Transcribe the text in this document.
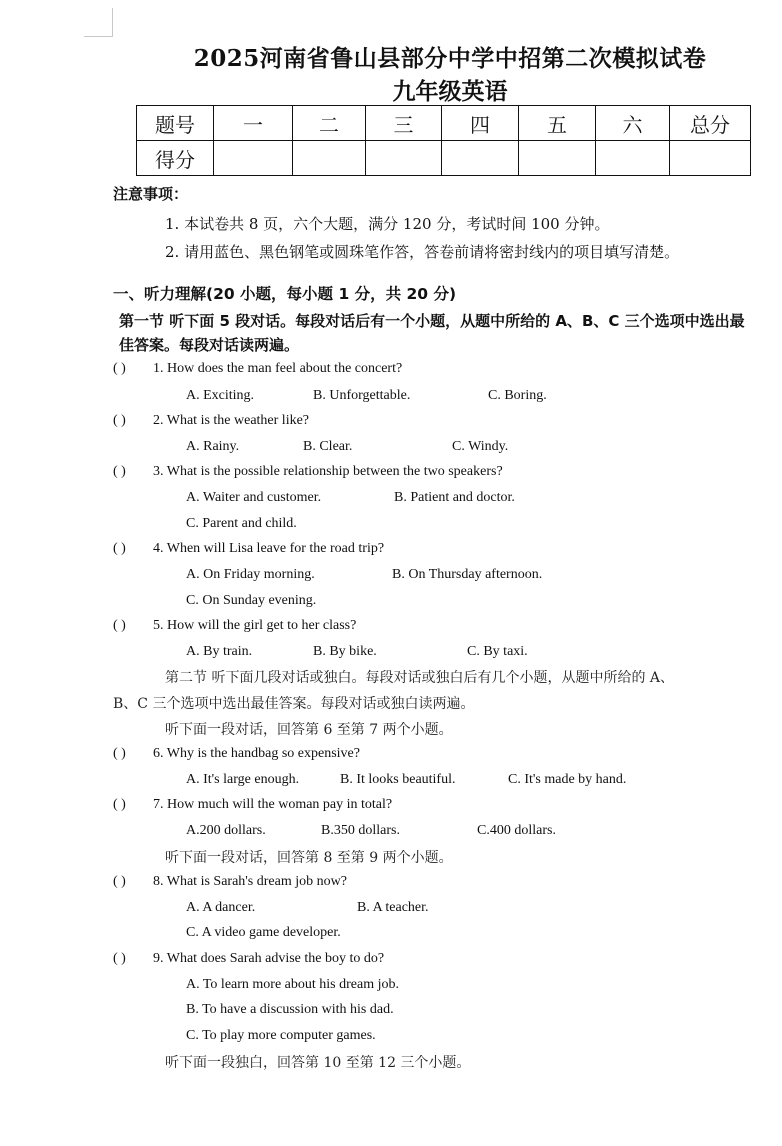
2025河南省鲁山县部分中学中招第二次模拟试卷
九年级英语
题号	一	二	三	四	五	六	总分
得分							
注意事项：
1. 本试卷共 8 页，六个大题，满分 120 分，考试时间 100 分钟。
2. 请用蓝色、黑色钢笔或圆珠笔作答，答卷前请将密封线内的项目填写清楚。
一、听力理解(20 小题，每小题 1 分，共 20 分)
第一节 听下面 5 段对话。每段对话后有一个小题，从题中所给的 A、B、C 三个选项中选出最佳答案。每段对话读两遍。
( ) 1. How does the man feel about the concert?
A. Exciting.	B. Unforgettable.	C. Boring.
( ) 2. What is the weather like?
A. Rainy.	B. Clear.	C. Windy.
( ) 3. What is the possible relationship between the two speakers?
A. Waiter and customer.	B. Patient and doctor.
C. Parent and child.
( ) 4. When will Lisa leave for the road trip?
A. On Friday morning.	B. On Thursday afternoon.
C. On Sunday evening.
( ) 5. How will the girl get to her class?
A. By train.	B. By bike.	C. By taxi.
第二节 听下面几段对话或独白。每段对话或独白后有几个小题，从题中所给的 A、
B、C 三个选项中选出最佳答案。每段对话或独白读两遍。
听下面一段对话，回答第 6 至第 7 两个小题。
( ) 6. Why is the handbag so expensive?
A. It's large enough.	B. It looks beautiful.	C. It's made by hand.
( ) 7. How much will the woman pay in total?
A.200 dollars.	B.350 dollars.	C.400 dollars.
听下面一段对话，回答第 8 至第 9 两个小题。
( ) 8. What is Sarah's dream job now?
A. A dancer.	B. A teacher.
C. A video game developer.
( ) 9. What does Sarah advise the boy to do?
A. To learn more about his dream job.
B. To have a discussion with his dad.
C. To play more computer games.
听下面一段独白，回答第 10 至第 12 三个小题。
